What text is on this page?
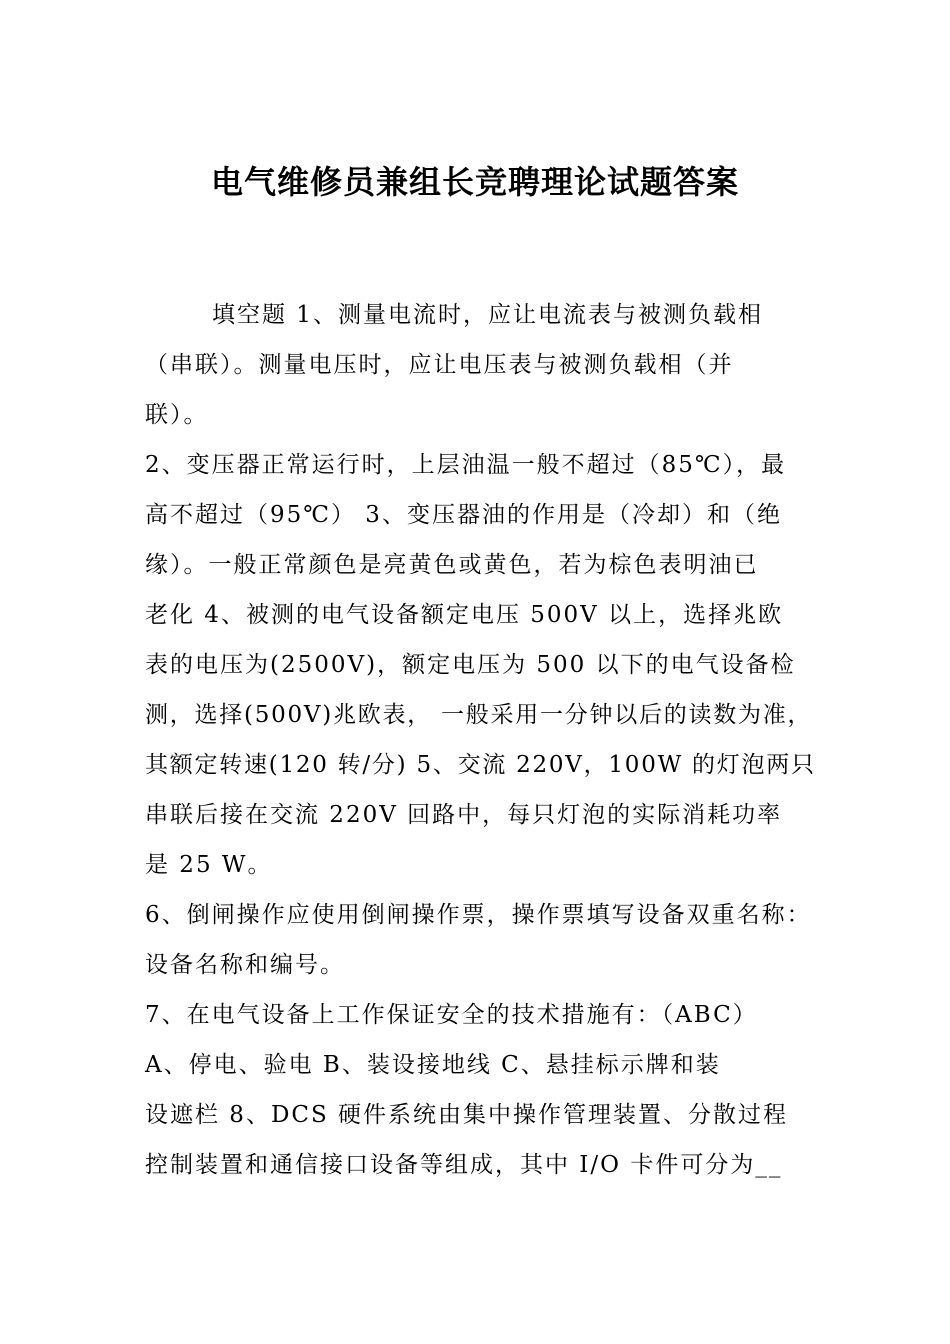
电气维修员兼组长竞聘理论试题答案
填空题 1、测量电流时，应让电流表与被测负载相
（串联）。测量电压时，应让电压表与被测负载相（并
联）。
2、变压器正常运行时，上层油温一般不超过（85℃），最
高不超过（95℃） 3、变压器油的作用是（冷却）和（绝
缘）。一般正常颜色是亮黄色或黄色，若为棕色表明油已
老化 4、被测的电气设备额定电压 500V 以上，选择兆欧
表的电压为(2500V)，额定电压为 500 以下的电气设备检
测，选择(500V)兆欧表， 一般采用一分钟以后的读数为准，
其额定转速(120 转/分) 5、交流 220V，100W 的灯泡两只
串联后接在交流 220V 回路中，每只灯泡的实际消耗功率
是 25 W。
6、倒闸操作应使用倒闸操作票，操作票填写设备双重名称：
设备名称和编号。
7、在电气设备上工作保证安全的技术措施有：（ABC）
A、停电、验电 B、装设接地线 C、悬挂标示牌和装
设遮栏 8、DCS 硬件系统由集中操作管理装置、分散过程
控制装置和通信接口设备等组成，其中 I/O 卡件可分为__
